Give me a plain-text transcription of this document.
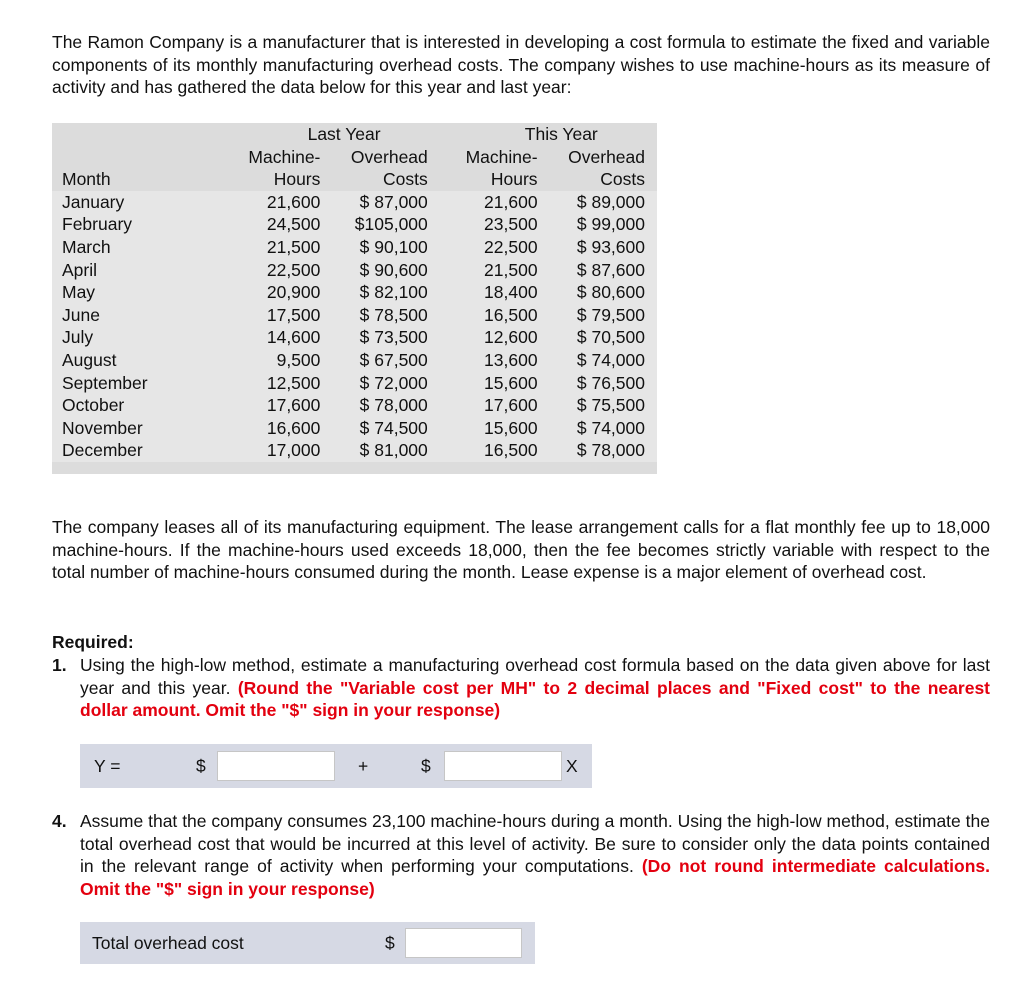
The Ramon Company is a manufacturer that is interested in developing a cost formula to estimate the fixed and variable components of its monthly manufacturing overhead costs. The company wishes to use machine-hours as its measure of activity and has gathered the data below for this year and last year:

	Last Year			This Year	
	Machine-	Overhead		Machine-	Overhead
Month	Hours	Costs		Hours	Costs
January	21,600	$ 87,000		21,600	$ 89,000
February	24,500	$105,000		23,500	$ 99,000
March	21,500	$ 90,100		22,500	$ 93,600
April	22,500	$ 90,600		21,500	$ 87,600
May	20,900	$ 82,100		18,400	$ 80,600
June	17,500	$ 78,500		16,500	$ 79,500
July	14,600	$ 73,500		12,600	$ 70,500
August	9,500	$ 67,500		13,600	$ 74,000
September	12,500	$ 72,000		15,600	$ 76,500
October	17,600	$ 78,000		17,600	$ 75,500
November	16,600	$ 74,500		15,600	$ 74,000
December	17,000	$ 81,000		16,500	$ 78,000

The company leases all of its manufacturing equipment. The lease arrangement calls for a flat monthly fee up to 18,000 machine-hours. If the machine-hours used exceeds 18,000, then the fee becomes strictly variable with respect to the total number of machine-hours consumed during the month. Lease expense is a major element of overhead cost.

Required:
1. Using the high-low method, estimate a manufacturing overhead cost formula based on the data given above for last year and this year. (Round the "Variable cost per MH" to 2 decimal places and "Fixed cost" to the nearest dollar amount. Omit the "$" sign in your response)
Y =	$	+	$	X
4. Assume that the company consumes 23,100 machine-hours during a month. Using the high-low method, estimate the total overhead cost that would be incurred at this level of activity. Be sure to consider only the data points contained in the relevant range of activity when performing your computations. (Do not round intermediate calculations. Omit the "$" sign in your response)
Total overhead cost	$
